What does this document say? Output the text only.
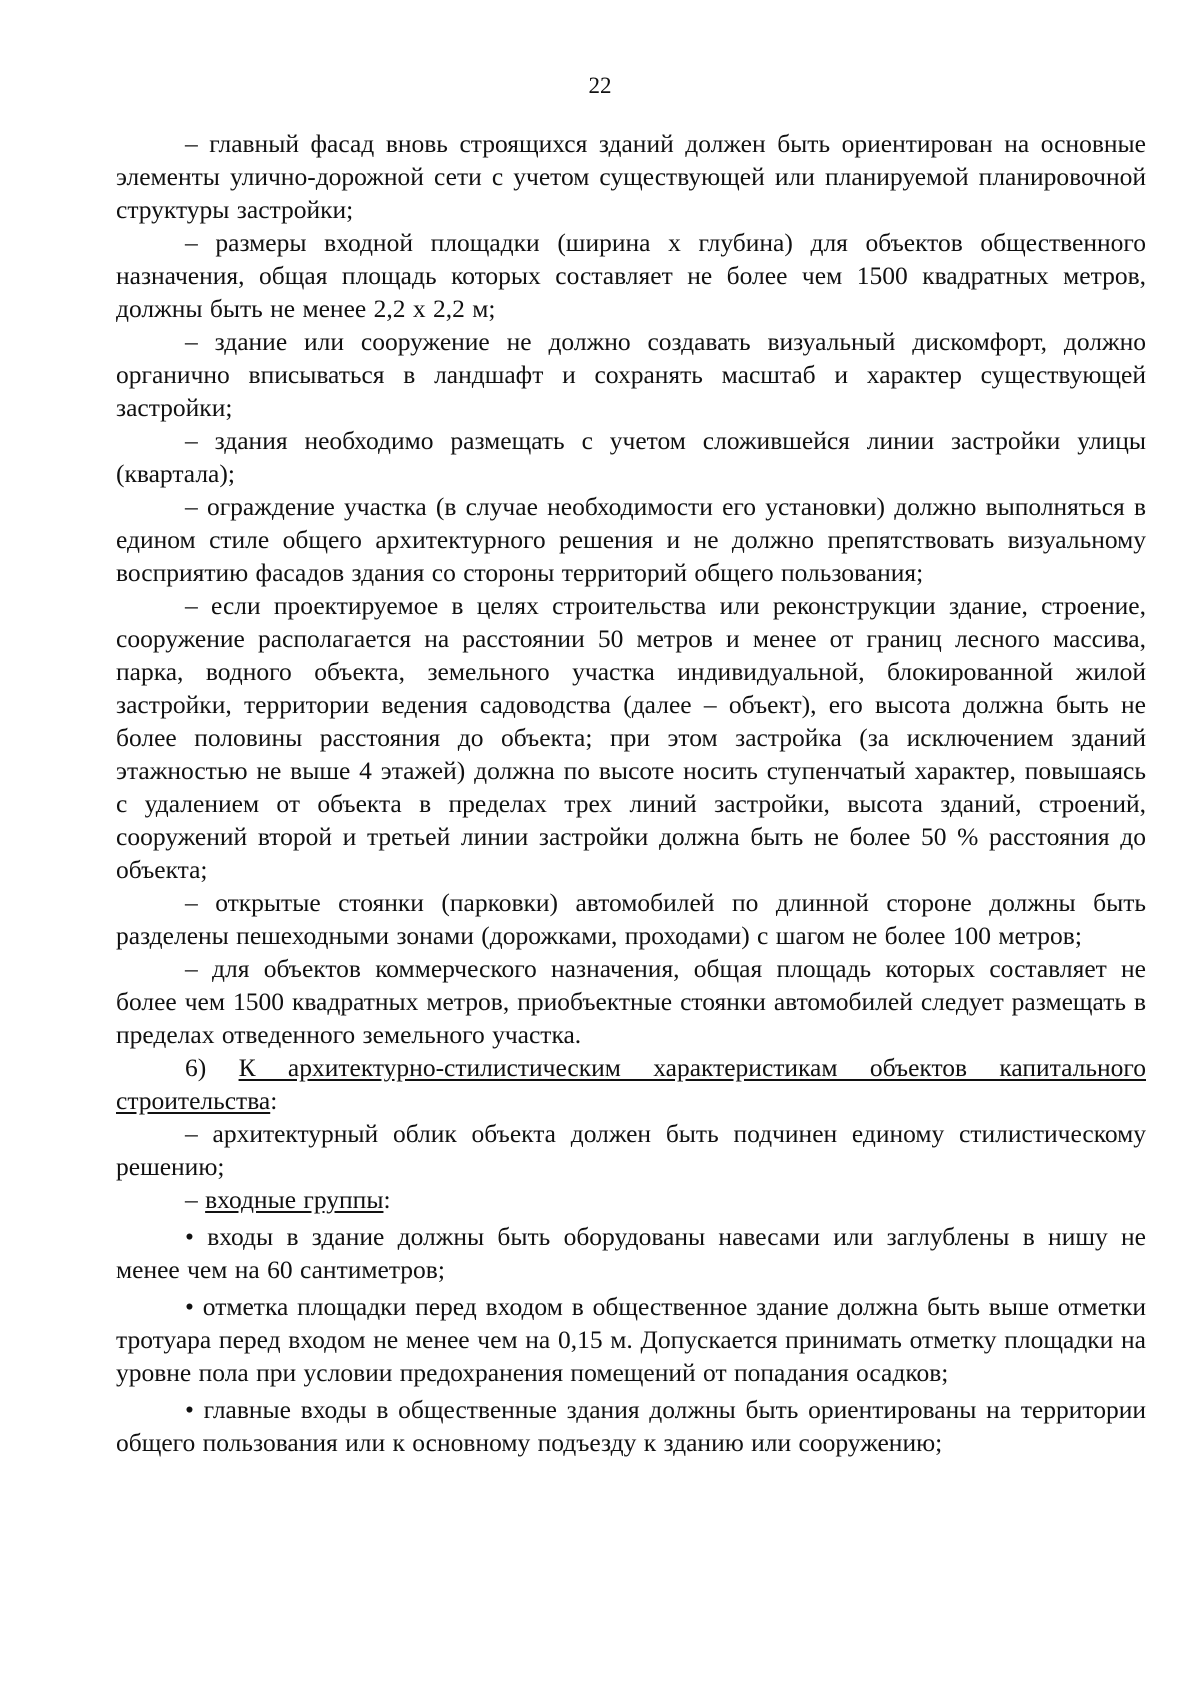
22

– главный фасад вновь строящихся зданий должен быть ориентирован на основные элементы улично-дорожной сети с учетом существующей или планируемой планировочной структуры застройки;

– размеры входной площадки (ширина х глубина) для объектов общественного назначения, общая площадь которых составляет не более чем 1500 квадратных метров, должны быть не менее 2,2 х 2,2 м;

– здание или сооружение не должно создавать визуальный дискомфорт, должно органично вписываться в ландшафт и сохранять масштаб и характер существующей застройки;

– здания необходимо размещать с учетом сложившейся линии застройки улицы (квартала);

– ограждение участка (в случае необходимости его установки) должно выполняться в едином стиле общего архитектурного решения и не должно препятствовать визуальному восприятию фасадов здания со стороны территорий общего пользования;

– если проектируемое в целях строительства или реконструкции здание, строение, сооружение располагается на расстоянии 50 метров и менее от границ лесного массива, парка, водного объекта, земельного участка индивидуальной, блокированной жилой застройки, территории ведения садоводства (далее – объект), его высота должна быть не более половины расстояния до объекта; при этом застройка (за исключением зданий этажностью не выше 4 этажей) должна по высоте носить ступенчатый характер, повышаясь с удалением от объекта в пределах трех линий застройки, высота зданий, строений, сооружений второй и третьей линии застройки должна быть не более 50 % расстояния до объекта;

– открытые стоянки (парковки) автомобилей по длинной стороне должны быть разделены пешеходными зонами (дорожками, проходами) с шагом не более 100 метров;

– для объектов коммерческого назначения, общая площадь которых составляет не более чем 1500 квадратных метров, приобъектные стоянки автомобилей следует размещать в пределах отведенного земельного участка.

6) К архитектурно-стилистическим характеристикам объектов капитального строительства:

– архитектурный облик объекта должен быть подчинен единому стилистическому решению;

– входные группы:

• входы в здание должны быть оборудованы навесами или заглублены в нишу не менее чем на 60 сантиметров;

• отметка площадки перед входом в общественное здание должна быть выше отметки тротуара перед входом не менее чем на 0,15 м. Допускается принимать отметку площадки на уровне пола при условии предохранения помещений от попадания осадков;

• главные входы в общественные здания должны быть ориентированы на территории общего пользования или к основному подъезду к зданию или сооружению;
